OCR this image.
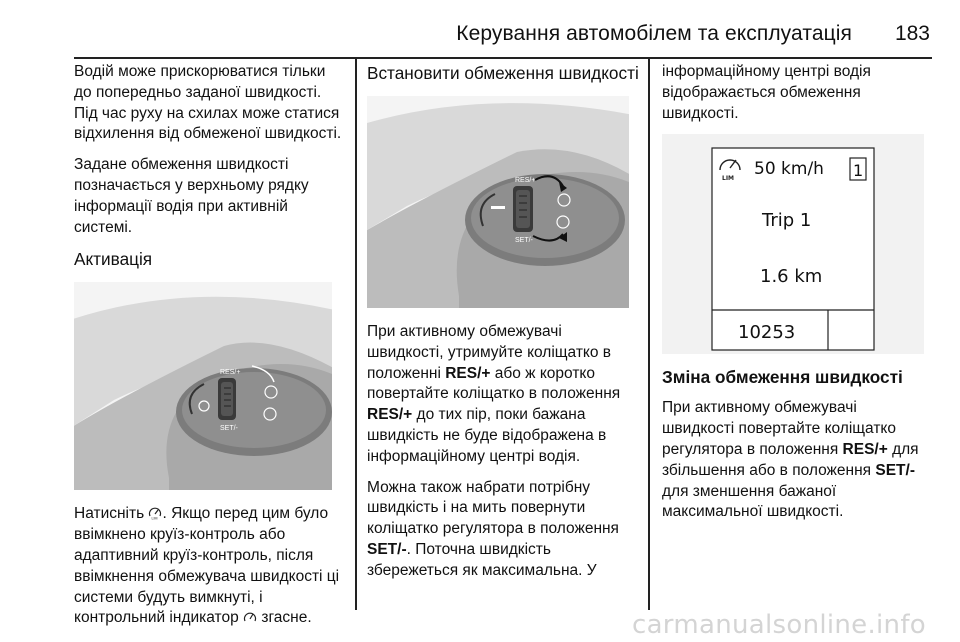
Керування автомобілем та експлуатація 183

Водій може прискорюватися тільки до попередньо заданої швидкості. Під час руху на схилах може статися відхилення від обмеженої швидкості.

Задане обмеження швидкості позначається у верхньому рядку інформації водія при активній системі.

Активація
RES/+
SET/-

Натисніть LIM . Якщо перед цим було ввімкнено круїз-контроль або адаптивний круїз-контроль, після ввімкнення обмежувача швидкості ці системи будуть вимкнуті, і контрольний індикатор згасне.

Встановити обмеження швидкості
RES/+
SET/-

При активному обмежувачі швидкості, утримуйте коліщатко в положенні RES/+ або ж коротко повертайте коліщатко в положення RES/+ до тих пір, поки бажана швидкість не буде відображена в інформаційному центрі водія.

Можна також набрати потрібну швидкість і на мить повернути коліщатко регулятора в положення SET/-. Поточна швидкість збережеться як максимальна. У

інформаційному центрі водія відображається обмеження швидкості.

LIM 50 km/h 1
Trip 1
1.6 km
10253
Зміна обмеження швидкості

При активному обмежувачі швидкості повертайте коліщатко регулятора в положення RES/+ для збільшення або в положення SET/- для зменшення бажаної максимальної швидкості.

carmanualsonline.info
